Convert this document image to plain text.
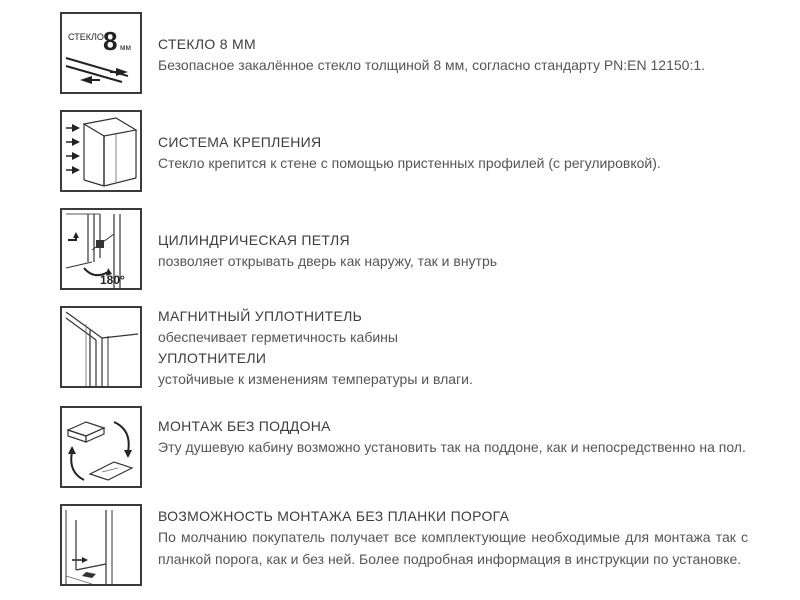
СТЕКЛО 8 мм СТЕКЛО 8 ММ
Безопасное закалённое стекло толщиной 8 мм, согласно стандарту PN:EN 12150:1.
СИСТЕМА КРЕПЛЕНИЯ
Стекло крепится к стене с помощью пристенных профилей (с регулировкой).
180°
ЦИЛИНДРИЧЕСКАЯ ПЕТЛЯ
позволяет открывать дверь как наружу, так и внутрь
МАГНИТНЫЙ УПЛОТНИТЕЛЬ
обеспечивает герметичность кабины
УПЛОТНИТЕЛИ
устойчивые к изменениям температуры и влаги.
МОНТАЖ БЕЗ ПОДДОНА
Эту душевую кабину возможно установить так на поддоне, как и непосредственно на пол.
ВОЗМОЖНОСТЬ МОНТАЖА БЕЗ ПЛАНКИ ПОРОГА
По молчанию покупатель получает все комплектующие необходимые для монтажа так с планкой порога, как и без ней. Более подробная информация в инструкции по установке.
